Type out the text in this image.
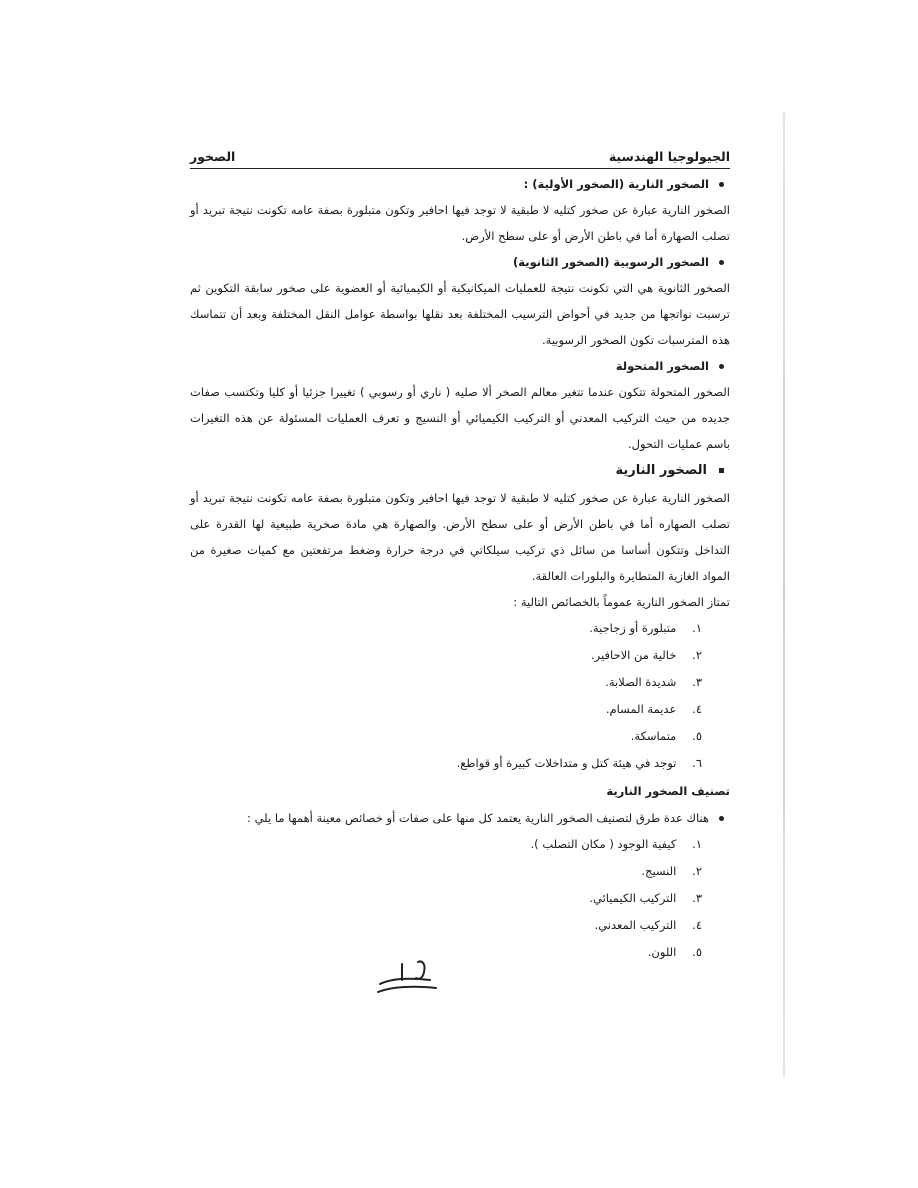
الجيولوجيا الهندسية
الصخور
الصخور النارية (الصخور الأولية) :
الصخور النارية عبارة عن صخور كتليه لا طبقية لا توجد فيها احافير وتكون متبلورة بصفة عامه تكونت نتيجة تبريد أو تصلب الصهارة أما في باطن الأرض أو على سطح الأرض.
الصخور الرسوبية (الصخور الثانوية)
الصخور الثانوية هي التي تكونت نتيجة للعمليات الميكانيكية أو الكيميائية أو العضوية على صخور سابقة التكوين ثم ترسبت نواتجها من جديد في أحواض الترسيب المختلفة بعد نقلها بواسطة عوامل النقل المختلفة وبعد أن تتماسك هذه المترسبات تكون الصخور الرسوبية.
الصخور المتحولة
الصخور المتحولة تتكون عندما تتغير معالم الصخر ألا صليه ( ناري أو رسوبي ) تغييرا جزئيا أو كليا وتكتسب صفات جديده من حيث التركيب المعدني أو التركيب الكيميائي أو النسيج و تعرف العمليات المسئولة عن هذه التغيرات باسم عمليات التحول.
الصخور النارية
الصخور النارية عبارة عن صخور كتليه لا طبقية لا توجد فيها احافير وتكون متبلورة بصفة عامه تكونت نتيجة تبريد أو تصلب الصهاره أما في باطن الأرض أو على سطح الأرض. والصهارة هي مادة صخرية طبيعية لها القدرة على التداخل وتتكون أساسا من سائل ذي تركيب سيلكاتي في درجة حرارة وضغط مرتفعتين مع كميات صغيرة من المواد الغازية المتطايرة والبلورات العالقة.
تمتاز الصخور النارية عموماً بالخصائص التالية :
١. متبلورة أو زجاجية.
٢. خالية من الاحافير.
٣. شديدة الصلابة.
٤. عديمة المسام.
٥. متماسكة.
٦. توجد في هيئة كتل و متداخلات كبيرة أو قواطع.
تصنيف الصخور النارية
هناك عدة طرق لتصنيف الصخور النارية يعتمد كل منها على صفات أو خصائص معينة أهمها ما يلي :
١. كيفية الوجود ( مكان التصلب ).
٢. النسيج.
٣. التركيب الكيميائي.
٤. التركيب المعدني.
٥. اللون.
